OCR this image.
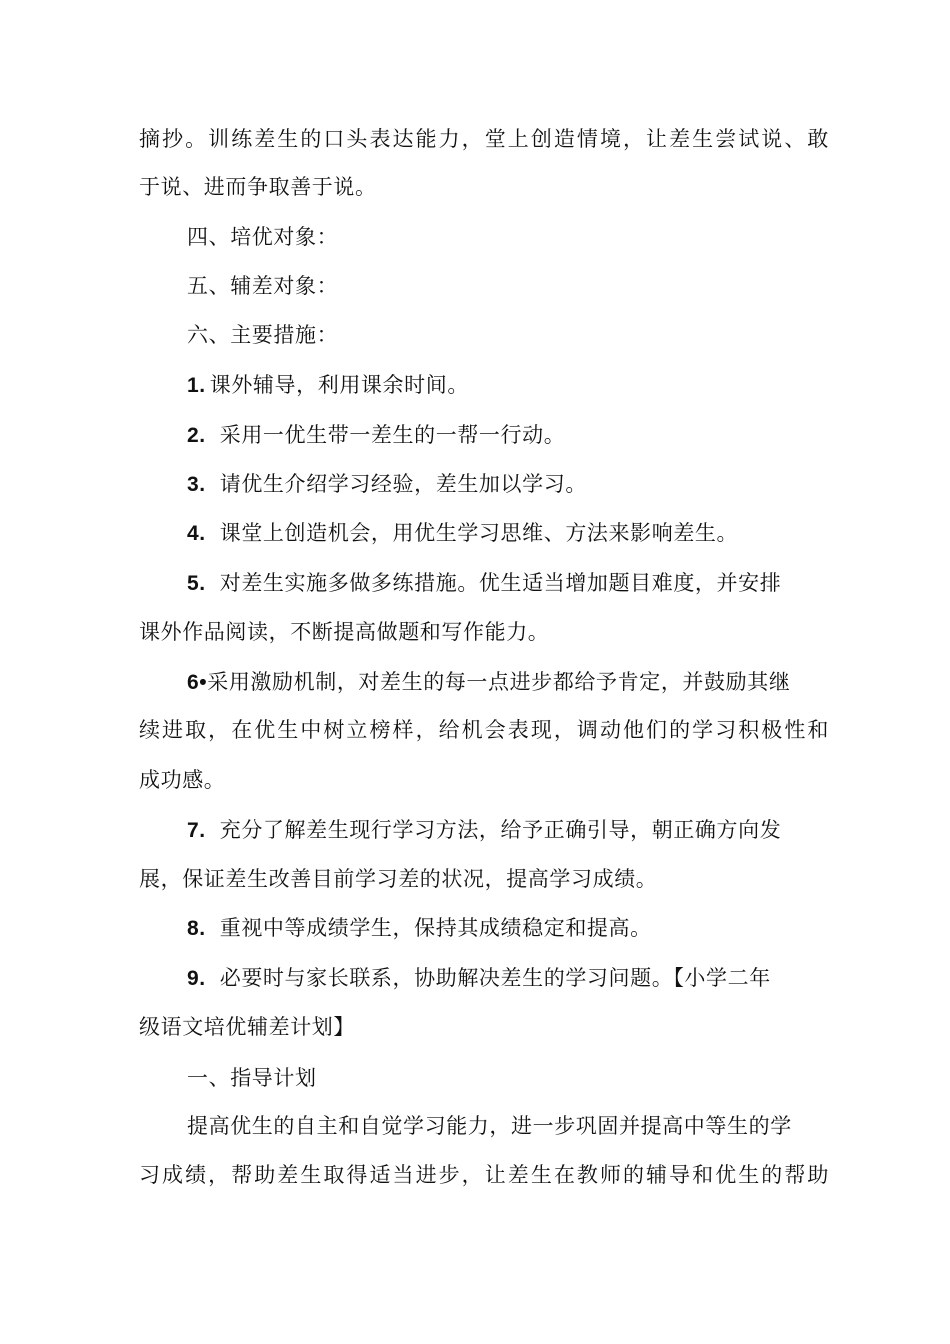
摘抄。训练差生的口头表达能力，堂上创造情境，让差生尝试说、敢
于说、进而争取善于说。
四、培优对象：
五、辅差对象：
六、主要措施：
1. 课外辅导，利用课余时间。
2. 采用一优生带一差生的一帮一行动。
3. 请优生介绍学习经验，差生加以学习。
4. 课堂上创造机会，用优生学习思维、方法来影响差生。
5. 对差生实施多做多练措施。优生适当增加题目难度，并安排
课外作品阅读，不断提高做题和写作能力。
6•采用激励机制，对差生的每一点进步都给予肯定，并鼓励其继
续进取，在优生中树立榜样，给机会表现，调动他们的学习积极性和
成功感。
7. 充分了解差生现行学习方法，给予正确引导，朝正确方向发
展，保证差生改善目前学习差的状况，提高学习成绩。
8. 重视中等成绩学生，保持其成绩稳定和提高。
9. 必要时与家长联系，协助解决差生的学习问题。【小学二年
级语文培优辅差计划】
一、指导计划
提高优生的自主和自觉学习能力，进一步巩固并提高中等生的学
习成绩，帮助差生取得适当进步，让差生在教师的辅导和优生的帮助
